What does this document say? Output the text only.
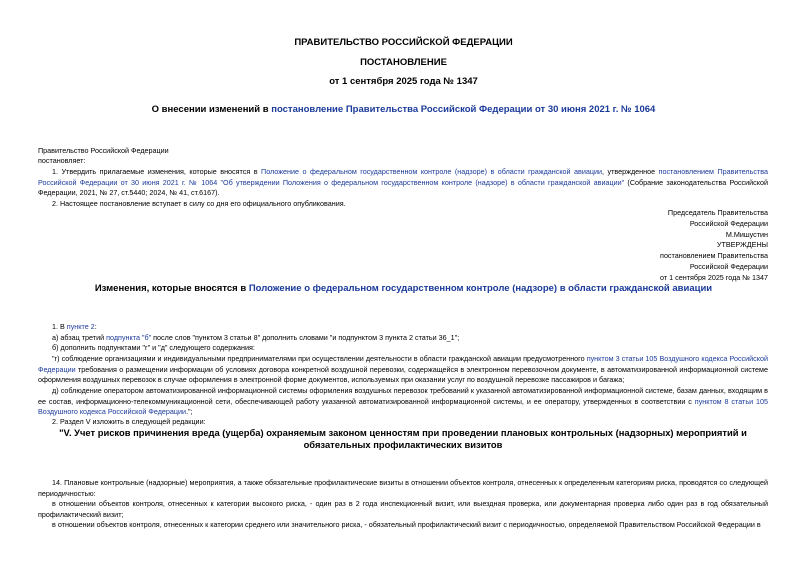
ПРАВИТЕЛЬСТВО РОССИЙСКОЙ ФЕДЕРАЦИИ
ПОСТАНОВЛЕНИЕ
от 1 сентября 2025 года № 1347
О внесении изменений в постановление Правительства Российской Федерации от 30 июня 2021 г. № 1064
Правительство Российской Федерации
постановляет:
1. Утвердить прилагаемые изменения, которые вносятся в Положение о федеральном государственном контроле (надзоре) в области гражданской авиации, утвержденное постановлением Правительства Российской Федерации от 30 июня 2021 г. № 1064 "Об утверждении Положения о федеральном государственном контроле (надзоре) в области гражданской авиации" (Собрание законодательства Российской Федерации, 2021, № 27, ст.5440; 2024, № 41, ст.6167).
2. Настоящее постановление вступает в силу со дня его официального опубликования.
Председатель Правительства
Российской Федерации
М.Мишустин
УТВЕРЖДЕНЫ
постановлением Правительства
Российской Федерации
от 1 сентября 2025 года № 1347
Изменения, которые вносятся в Положение о федеральном государственном контроле (надзоре) в области гражданской авиации
1. В пункте 2:
а) абзац третий подпункта "б" после слов "пунктом 3 статьи 8" дополнить словами "и подпунктом 3 пункта 2 статьи 36_1";
б) дополнить подпунктами "г" и "д" следующего содержания:
"г) соблюдение организациями и индивидуальными предпринимателями при осуществлении деятельности в области гражданской авиации предусмотренного пунктом 3 статьи 105 Воздушного кодекса Российской Федерации требования о размещении информации об условиях договора конкретной воздушной перевозки, содержащейся в электронном перевозочном документе, в автоматизированной информационной системе оформления воздушных перевозок в случае оформления в электронной форме документов, используемых при оказании услуг по воздушной перевозке пассажиров и багажа;
д) соблюдение оператором автоматизированной информационной системы оформления воздушных перевозок требований к указанной автоматизированной информационной системе, базам данных, входящим в ее состав, информационно-телекоммуникационной сети, обеспечивающей работу указанной автоматизированной информационной системы, и ее оператору, утвержденных в соответствии с пунктом 8 статьи 105 Воздушного кодекса Российской Федерации.";
2. Раздел V изложить в следующей редакции:
"V. Учет рисков причинения вреда (ущерба) охраняемым законом ценностям при проведении плановых контрольных (надзорных) мероприятий и обязательных профилактических визитов
14. Плановые контрольные (надзорные) мероприятия, а также обязательные профилактические визиты в отношении объектов контроля, отнесенных к определенным категориям риска, проводятся со следующей периодичностью:
в отношении объектов контроля, отнесенных к категории высокого риска, - один раз в 2 года инспекционный визит, или выездная проверка, или документарная проверка либо один раз в год обязательный профилактический визит;
в отношении объектов контроля, отнесенных к категории среднего или значительного риска, - обязательный профилактический визит с периодичностью, определяемой Правительством Российской Федерации в
